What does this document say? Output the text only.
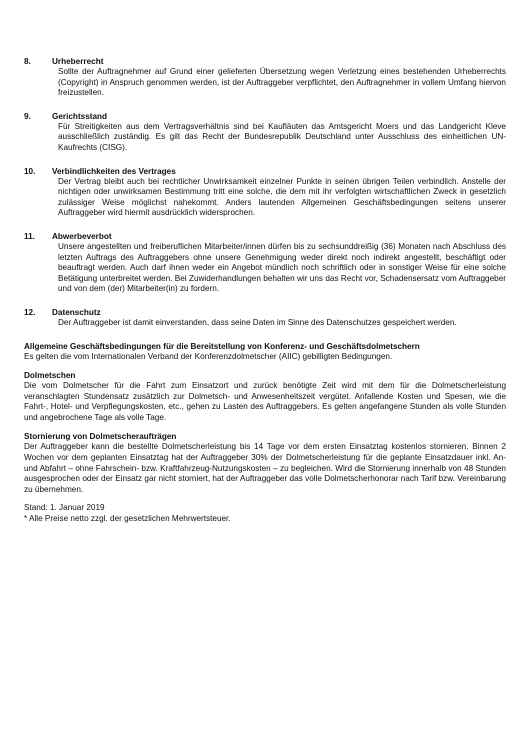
8.	Urheberrecht
Sollte der Auftragnehmer auf Grund einer gelieferten Übersetzung wegen Verletzung eines bestehenden Urheberrechts (Copyright) in Anspruch genommen werden, ist der Auftraggeber verpflichtet, den Auftragnehmer in vollem Umfang hiervon freizustellen.
9.	Gerichtsstand
Für Streitigkeiten aus dem Vertragsverhältnis sind bei Kaufläuten das Amtsgericht Moers und das Landgericht Kleve ausschließlich zuständig. Es gilt das Recht der Bundesrepublik Deutschland unter Ausschluss des einheitlichen UN-Kaufrechts (CISG).
10.	Verbindlichkeiten des Vertrages
Der Vertrag bleibt auch bei rechtlicher Unwirksamkeit einzelner Punkte in seinen übrigen Teilen verbindlich. Anstelle der nichtigen oder unwirksamen Bestimmung tritt eine solche, die dem mit ihr verfolgten wirtschaftlichen Zweck in gesetzlich zulässiger Weise möglichst nahekommt. Anders lautenden Allgemeinen Geschäftsbedingungen seitens unserer Auftraggeber wird hiermit ausdrücklich widersprochen.
11.	Abwerbeverbot
Unsere angestellten und freiberuflichen Mitarbeiter/innen dürfen bis zu sechsunddreißig (36) Monaten nach Abschluss des letzten Auftrags des Auftraggebers ohne unsere Genehmigung weder direkt noch indirekt angestellt, beschäftigt oder beauftragt werden. Auch darf ihnen weder ein Angebot mündlich noch schriftlich oder in sonstiger Weise für eine solche Betätigung unterbreitet werden. Bei Zuwiderhandlungen behalten wir uns das Recht vor, Schadensersatz vom Auftraggeber und von dem (der) Mitarbeiter(in) zu fordern.
12.	Datenschutz
Der Auftraggeber ist damit einverstanden, dass seine Daten im Sinne des Datenschutzes gespeichert werden.
Allgemeine Geschäftsbedingungen für die Bereitstellung von Konferenz- und Geschäftsdolmetschern
Es gelten die vom Internationalen Verband der Konferenzdolmetscher (AIIC) gebilligten Bedingungen.
Dolmetschen
Die vom Dolmetscher für die Fahrt zum Einsatzort und zurück benötigte Zeit wird mit dem für die Dolmetscherleistung veranschlagten Stundensatz zusätzlich zur Dolmetsch- und Anwesenheitszeit vergütet. Anfallende Kosten und Spesen, wie die Fahrt-, Hotel- und Verpflegungskosten, etc., gehen zu Lasten des Auftraggebers. Es gelten angefangene Stunden als volle Stunden und angebrochene Tage als volle Tage.
Stornierung von Dolmetscheraufträgen
Der Auftraggeber kann die bestellte Dolmetscherleistung bis 14 Tage vor dem ersten Einsatztag kostenlos stornieren. Binnen 2 Wochen vor dem geplanten Einsatztag hat der Auftraggeber 30% der Dolmetscherleistung für die geplante Einsatzdauer inkl. An- und Abfahrt – ohne Fahrschein- bzw. Kraftfahrzeug-Nutzungskosten – zu begleichen. Wird die Stornierung innerhalb von 48 Stunden ausgesprochen oder der Einsatz gar nicht storniert, hat der Auftraggeber das volle Dolmetscherhonorar nach Tarif bzw. Vereinbarung zu übernehmen.
Stand: 1. Januar 2019
* Alle Preise netto zzgl. der gesetzlichen Mehrwertsteuer.
